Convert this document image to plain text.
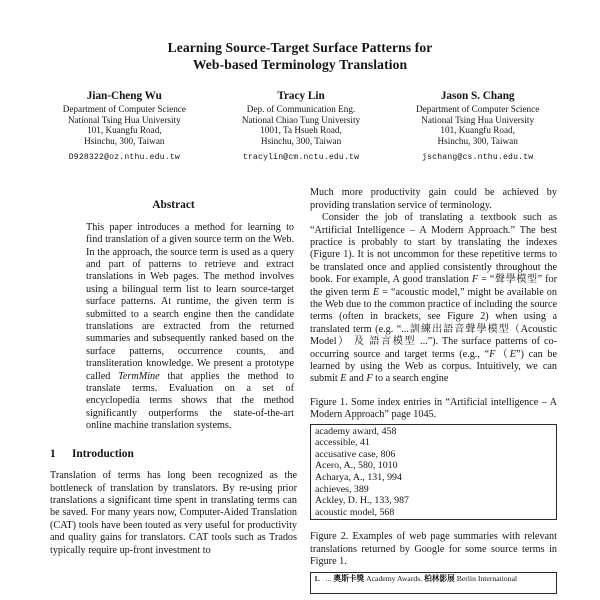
Learning Source-Target Surface Patterns for
Web-based Terminology Translation
Jian-Cheng Wu
Department of Computer Science
National Tsing Hua University
101, Kuangfu Road,
Hsinchu, 300, Taiwan
D928322@oz.nthu.edu.tw
Tracy Lin
Dep. of Communication Eng.
National Chiao Tung University
1001, Ta Hsueh Road,
Hsinchu, 300, Taiwan
tracylin@cm.nctu.edu.tw
Jason S. Chang
Department of Computer Science
National Tsing Hua University
101, Kuangfu Road,
Hsinchu, 300, Taiwan
jschang@cs.nthu.edu.tw
Abstract
This paper introduces a method for learning to find translation of a given source term on the Web. In the approach, the source term is used as a query and part of patterns to retrieve and extract translations in Web pages. The method involves using a bilingual term list to learn source-target surface patterns. At runtime, the given term is submitted to a search engine then the candidate translations are extracted from the returned summaries and subsequently ranked based on the surface patterns, occurrence counts, and transliteration knowledge. We present a prototype called TermMine that applies the method to translate terms. Evaluation on a set of encyclopedia terms shows that the method significantly outperforms the state-of-the-art online machine translation systems.
1 Introduction
Translation of terms has long been recognized as the bottleneck of translation by translators. By re-using prior translations a significant time spent in translating terms can be saved. For many years now, Computer-Aided Translation (CAT) tools have been touted as very useful for productivity and quality gains for translators. CAT tools such as Trados typically require up-front investment to
Much more productivity gain could be achieved by providing translation service of terminology.
Consider the job of translating a textbook such as “Artificial Intelligence – A Modern Approach.” The best practice is probably to start by translating the indexes (Figure 1). It is not uncommon for these repetitive terms to be translated once and applied consistently throughout the book. For example, A good translation F = “聲學模型” for the given term E = “acoustic model,” might be available on the Web due to the common practice of including the source terms (often in brackets, see Figure 2) when using a translated term (e.g. “...訓練出語音聲學模型（Acoustic Model） 及 語言模型 ...”). The surface patterns of co-occurring source and target terms (e.g., “F（E”) can be learned by using the Web as corpus. Intuitively, we can submit E and F to a search engine
Figure 1. Some index entries in “Artificial intelligence – A Modern Approach” page 1045.
academy award, 458
accessible, 41
accusative case, 806
Acero, A., 580, 1010
Acharya, A., 131, 994
achieves, 389
Ackley, D. H., 133, 987
acoustic model, 568
Figure 2. Examples of web page summaries with relevant translations returned by Google for some source terms in Figure 1.
1. ... 奧斯卡獎 Academy Awards. 柏林影展 Berlin International
